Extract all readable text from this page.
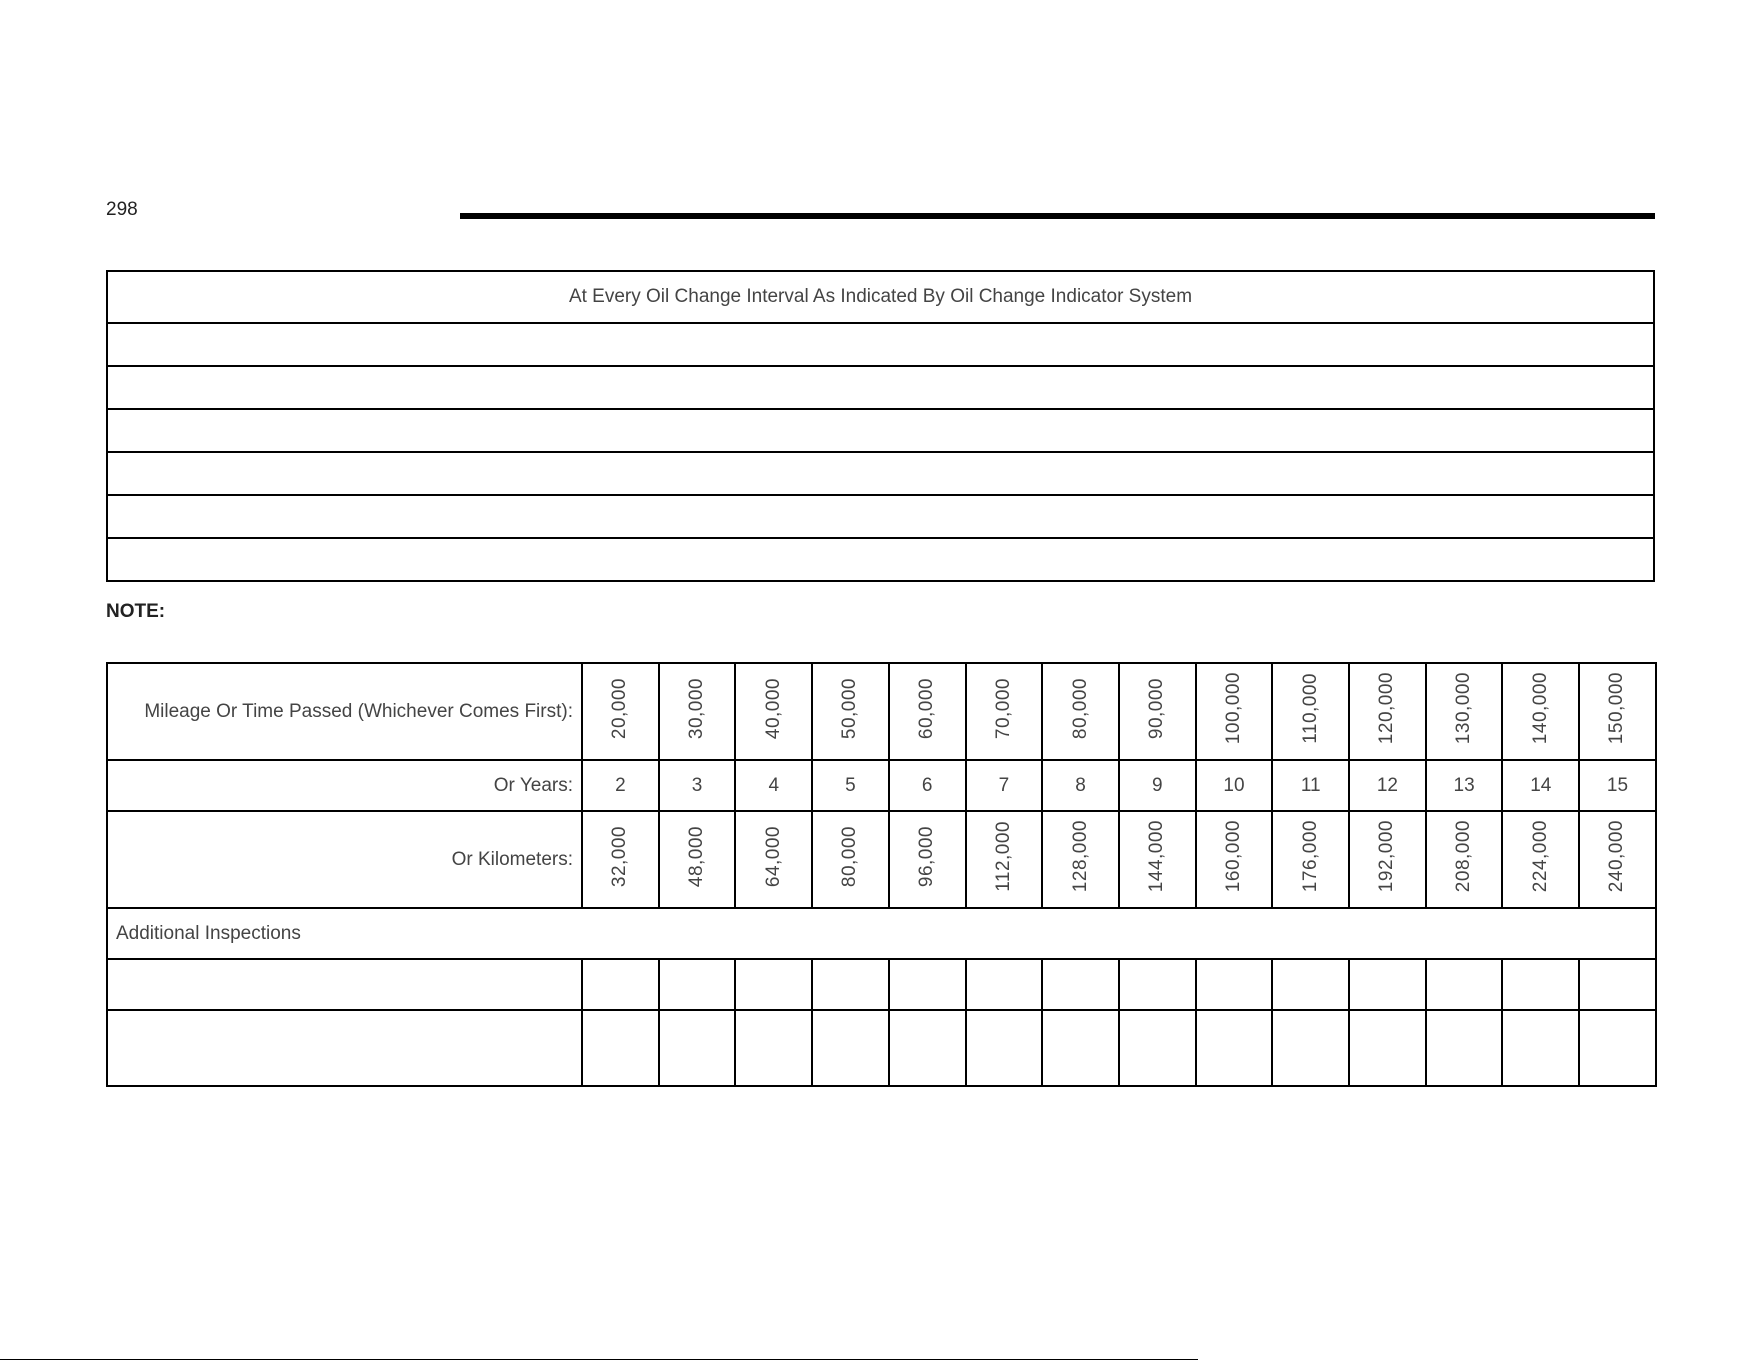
298
At Every Oil Change Interval As Indicated By Oil Change Indicator System

NOTE:
Mileage Or Time Passed (Whichever Comes First):	20,000	30,000	40,000	50,000	60,000	70,000	80,000	90,000	100,000	110,000	120,000	130,000	140,000	150,000
Or Years:	2	3	4	5	6	7	8	9	10	11	12	13	14	15
Or Kilometers:	32,000	48,000	64,000	80,000	96,000	112,000	128,000	144,000	160,000	176,000	192,000	208,000	224,000	240,000
Additional Inspections														
